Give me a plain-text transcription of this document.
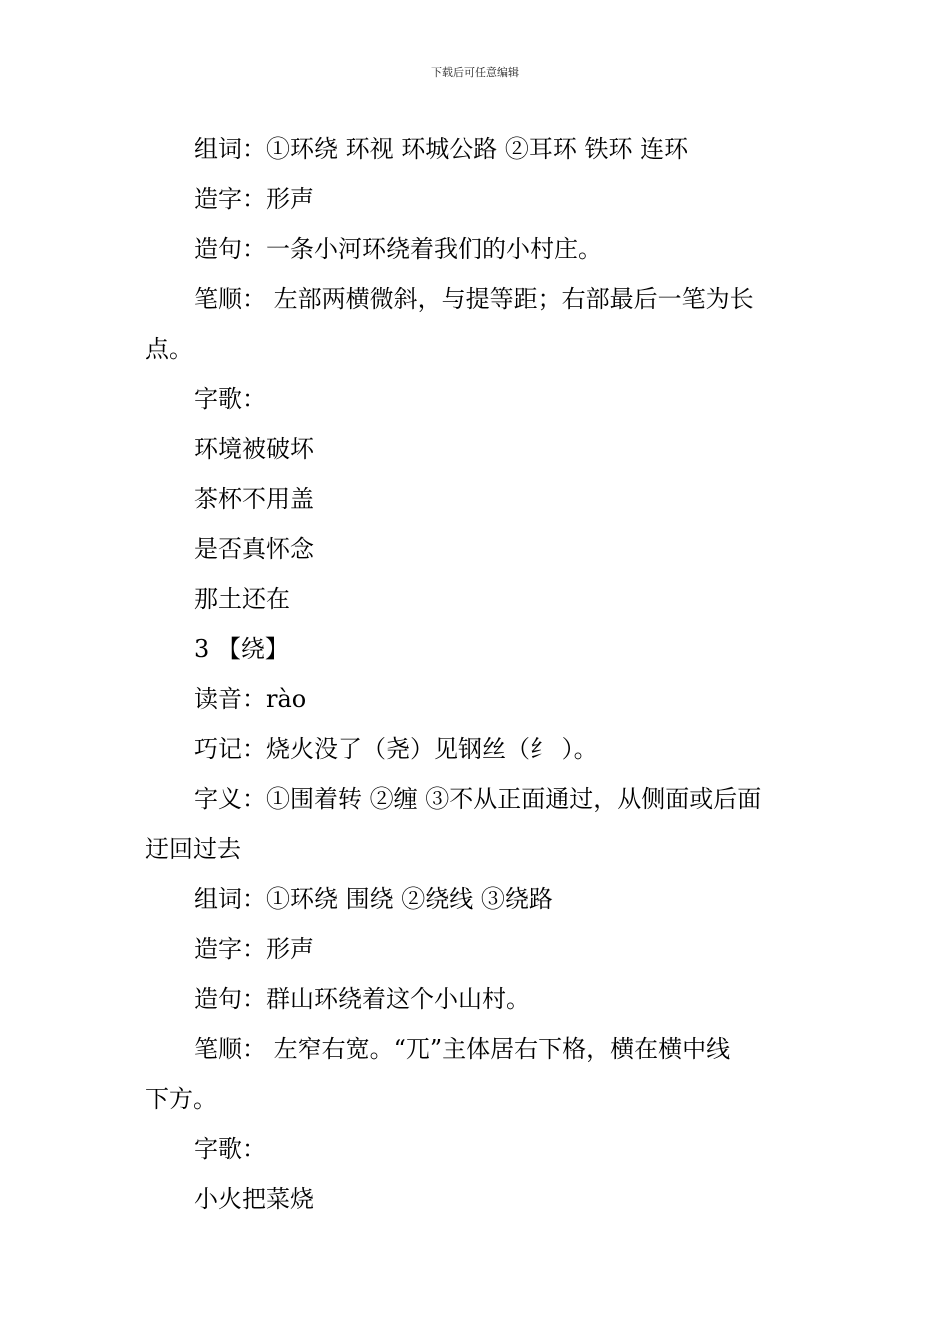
下载后可任意编辑
组词：①环绕 环视 环城公路 ②耳环 铁环 连环
造字：形声
造句：一条小河环绕着我们的小村庄。
笔顺： 左部两横微斜，与提等距；右部最后一笔为长
点。
字歌：
环境被破坏
茶杯不用盖
是否真怀念
那土还在
3 【绕】
读音：rào
巧记：烧火没了（尧）见钢丝（纟 ）。
字义：①围着转 ②缠 ③不从正面通过，从侧面或后面
迂回过去
组词：①环绕 围绕 ②绕线 ③绕路
造字：形声
造句：群山环绕着这个小山村。
笔顺： 左窄右宽。“兀”主体居右下格，横在横中线
下方。
字歌：
小火把菜烧
